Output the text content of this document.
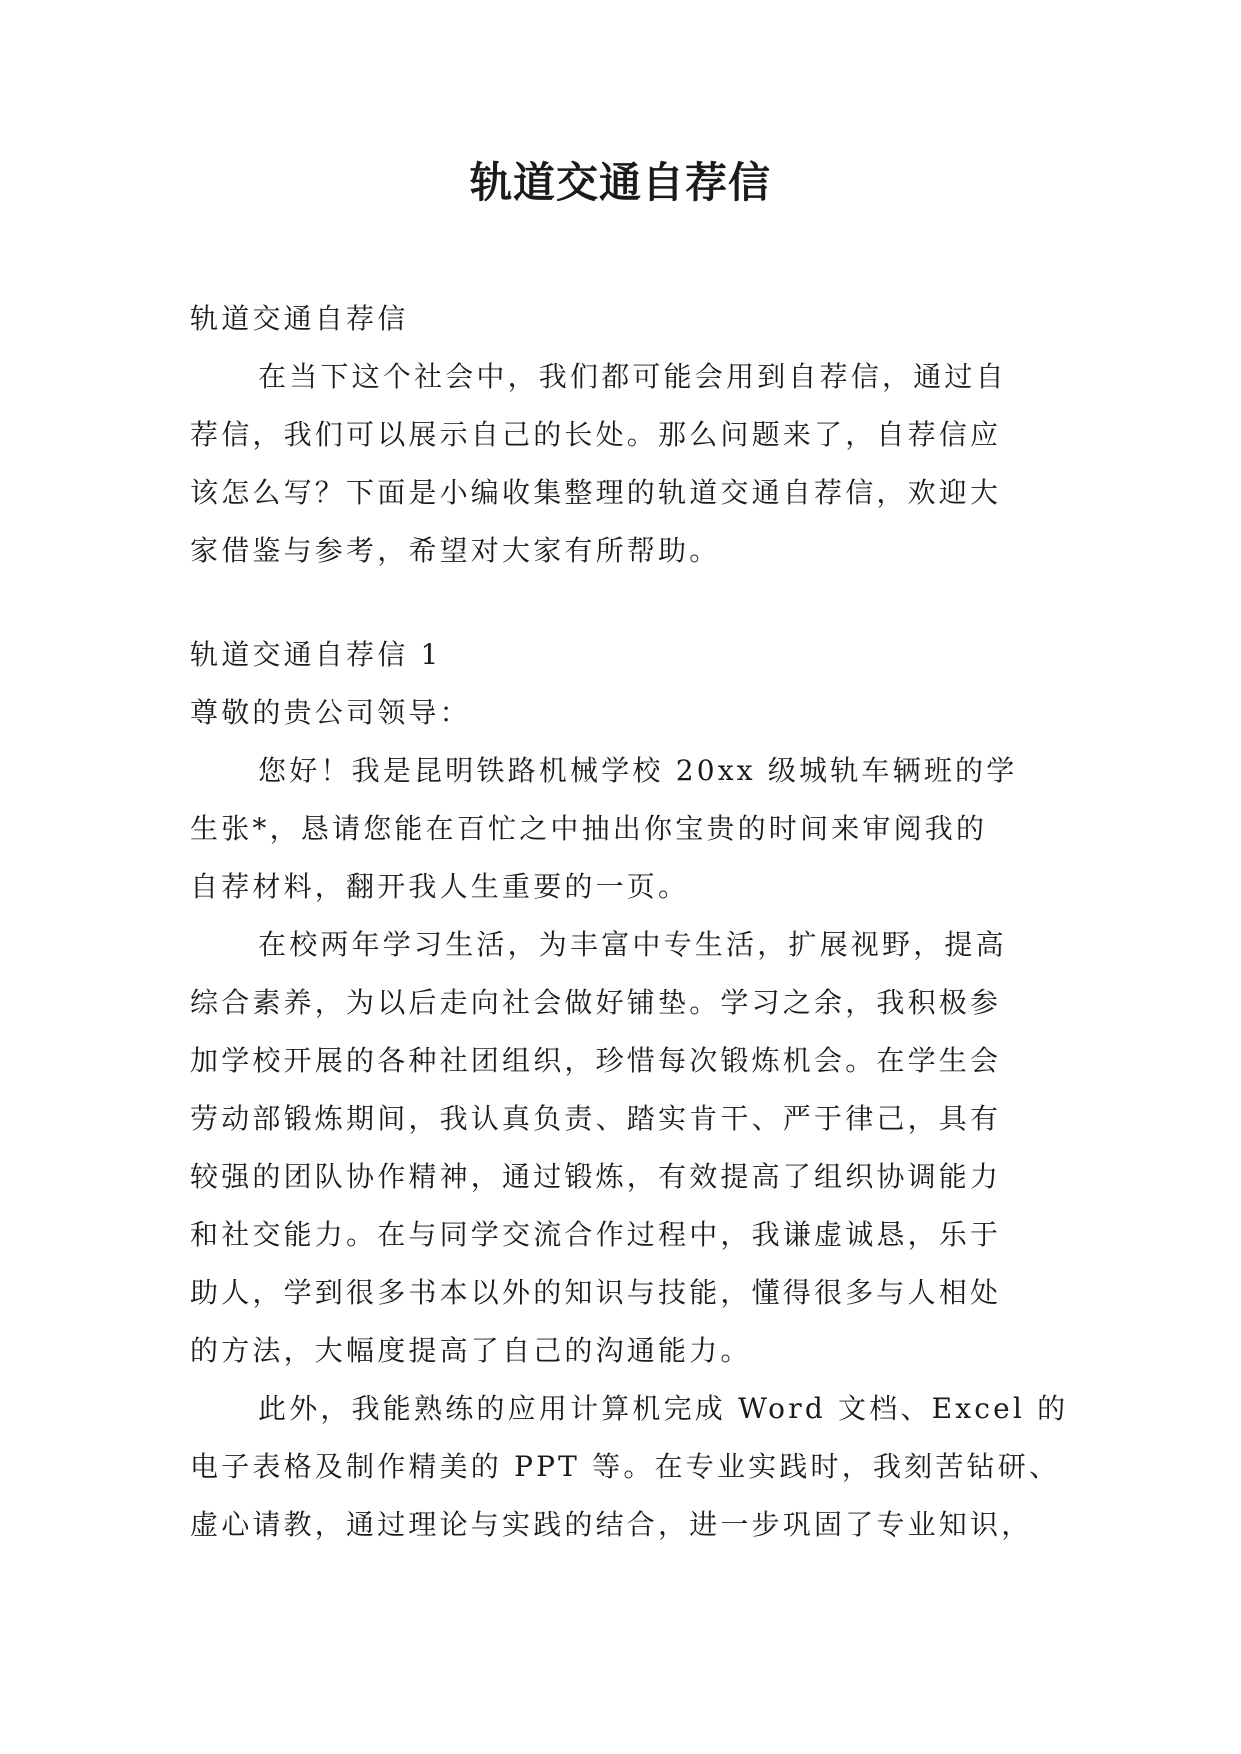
轨道交通自荐信

轨道交通自荐信

在当下这个社会中，我们都可能会用到自荐信，通过自

荐信，我们可以展示自己的长处。那么问题来了，自荐信应

该怎么写？下面是小编收集整理的轨道交通自荐信，欢迎大

家借鉴与参考，希望对大家有所帮助。

轨道交通自荐信 1

尊敬的贵公司领导：

您好！我是昆明铁路机械学校 20xx 级城轨车辆班的学

生张*，恳请您能在百忙之中抽出你宝贵的时间来审阅我的

自荐材料，翻开我人生重要的一页。

在校两年学习生活，为丰富中专生活，扩展视野，提高

综合素养，为以后走向社会做好铺垫。学习之余，我积极参

加学校开展的各种社团组织，珍惜每次锻炼机会。在学生会

劳动部锻炼期间，我认真负责、踏实肯干、严于律己，具有

较强的团队协作精神，通过锻炼，有效提高了组织协调能力

和社交能力。在与同学交流合作过程中，我谦虚诚恳，乐于

助人，学到很多书本以外的知识与技能，懂得很多与人相处

的方法，大幅度提高了自己的沟通能力。

此外，我能熟练的应用计算机完成 Word 文档、Excel 的

电子表格及制作精美的 PPT 等。在专业实践时，我刻苦钻研、

虚心请教，通过理论与实践的结合，进一步巩固了专业知识，
